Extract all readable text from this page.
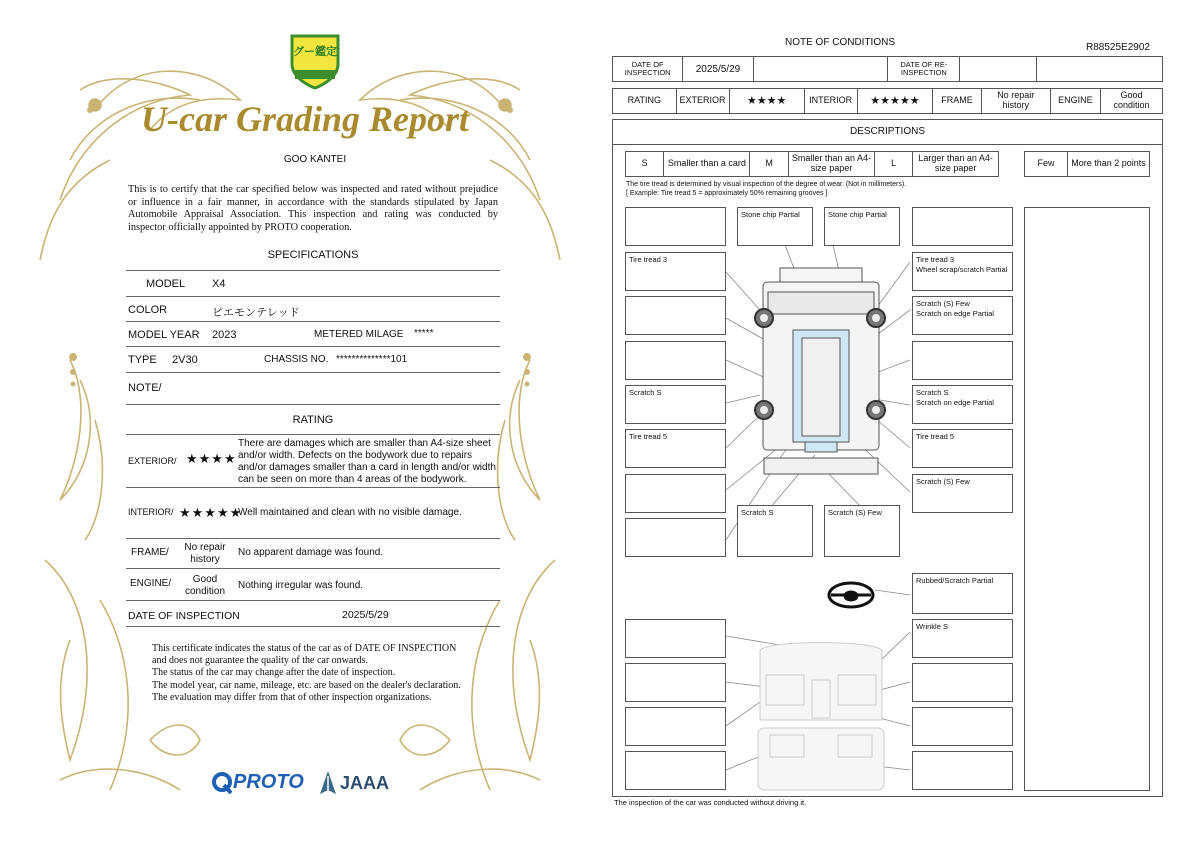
グー鑑定
U-car Grading Report
GOO KANTEI
This is to certify that the car specified below was inspected and rated without prejudice or influence in a fair manner, in accordance with the standards stipulated by Japan Automobile Appraisal Association. This inspection and rating was conducted by inspector officially appointed by PROTO cooperation.
SPECIFICATIONS
MODEL X4
COLOR	ピエモンテレッド
MODEL YEAR 2023	METERED MILAGE *****
TYPE 2V30	CHASSIS NO. **************101
NOTE/
RATING
EXTERIOR/ ★★★★
There are damages which are smaller than A4-size sheet and/or width. Defects on the bodywork due to repairs and/or damages smaller than a card in length and/or width can be seen on more than 4 areas of the bodywork.
INTERIOR/ ★★★★★
Well maintained and clean with no visible damage.
FRAME/	No repair history
No apparent damage was found.
ENGINE/	Good condition
Nothing irregular was found.
DATE OF INSPECTION	2025/5/29
This certificate indicates the status of the car as of DATE OF INSPECTION and does not guarantee the quality of the car onwards.
The status of the car may change after the date of inspection.
The model year, car name, mileage, etc. are based on the dealer's declaration.
The evaluation may differ from that of other inspection organizations.
PROTO JAAA
NOTE OF CONDITIONS	R88525E2902
DATE OF INSPECTION	2025/5/29		DATE OF RE-INSPECTION		
RATING	EXTERIOR	★★★★	INTERIOR	★★★★★	FRAME	No repair history	ENGINE	Good condition
DESCRIPTIONS
S	Smaller than a card	M	Smaller than an A4-size paper	L	Larger than an A4-size paper	Few	More than 2 points
The tire tread is determined by visual inspection of the degree of wear. (Not in millimeters).
[ Example: Tire tread 5 = approximately 50% remaining grooves ]
Tire tread 3
Scratch S
Tire tread 5
Stone chip Partial	Stone chip Partial
Tire tread 3
Wheel scrap/scratch Partial
Scratch (S) Few
Scratch on edge Partial
Scratch S
Scratch on edge Partial
Tire tread 5
Scratch (S) Few
Scratch S	Scratch (S) Few
Rubbed/Scratch Partial
Wrinkle S
The inspection of the car was conducted without driving it.
